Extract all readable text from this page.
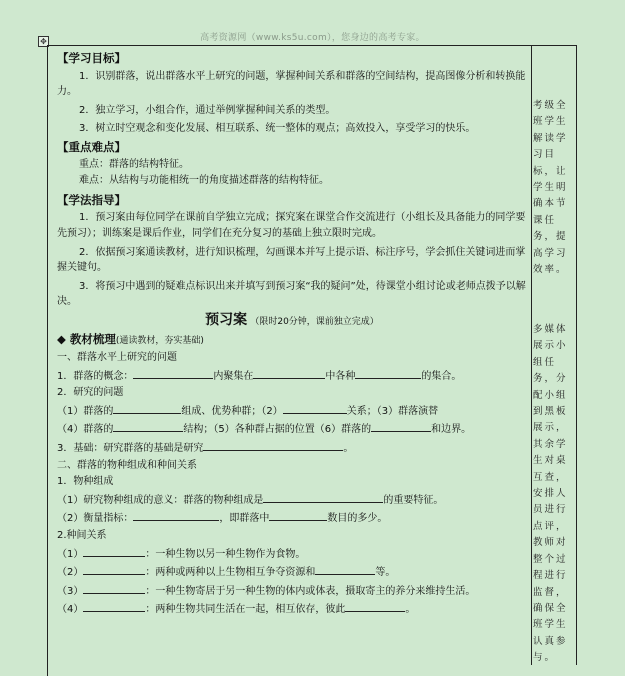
高考资源网（www.ks5u.com），您身边的高考专家。
✥
考级全班学生解读学习目标，让学生明确本节课任务，提高学习效率。
多媒体展示小组任务，分配小组到黑板展示，其余学生对桌互查，安排人员进行点评，教师对整个过程进行监督，确保全班学生认真参与。
【学习目标】
1．识别群落，说出群落水平上研究的问题，掌握种间关系和群落的空间结构，提高图像分析和转换能力。
2．独立学习，小组合作，通过举例掌握种间关系的类型。
3．树立时空观念和变化发展、相互联系、统一整体的观点；高效投入，享受学习的快乐。
【重点难点】
重点：群落的结构特征。
难点：从结构与功能相统一的角度描述群落的结构特征。
【学法指导】
1．预习案由每位同学在课前自学独立完成；探究案在课堂合作交流进行（小组长及具备能力的同学要先预习）；训练案是课后作业，同学们在充分复习的基础上独立限时完成。
2．依据预习案通读教材，进行知识梳理，勾画课本并写上提示语、标注序号，学会抓住关键词进而掌握关键句。
3．将预习中遇到的疑难点标识出来并填写到预习案“我的疑问”处，待课堂小组讨论或老师点拨予以解决。
预习案 （限时20分钟，课前独立完成）
◆ 教材梳理(通读教材，夯实基础)
一、群落水平上研究的问题
1．群落的概念：	内聚集在	中各种	的集合。
2．研究的问题
（1）群落的	组成、优势种群；（2）	关系；（3）群落演替
（4）群落的	结构；（5）各种群占据的位置（6）群落的	和边界。
3．基础：研究群落的基础是研究	。
二、群落的物种组成和种间关系
1．物种组成
（1）研究物种组成的意义：群落的物种组成是	的重要特征。
（2）衡量指标：	，即群落中	数目的多少。
2.种间关系
（1）	：一种生物以另一种生物作为食物。
（2）	：两种或两种以上生物相互争夺资源和	等。
（3）	：一种生物寄居于另一种生物的体内或体表，摄取寄主的养分来维持生活。
（4）	：两种生物共同生活在一起，相互依存，彼此	。
